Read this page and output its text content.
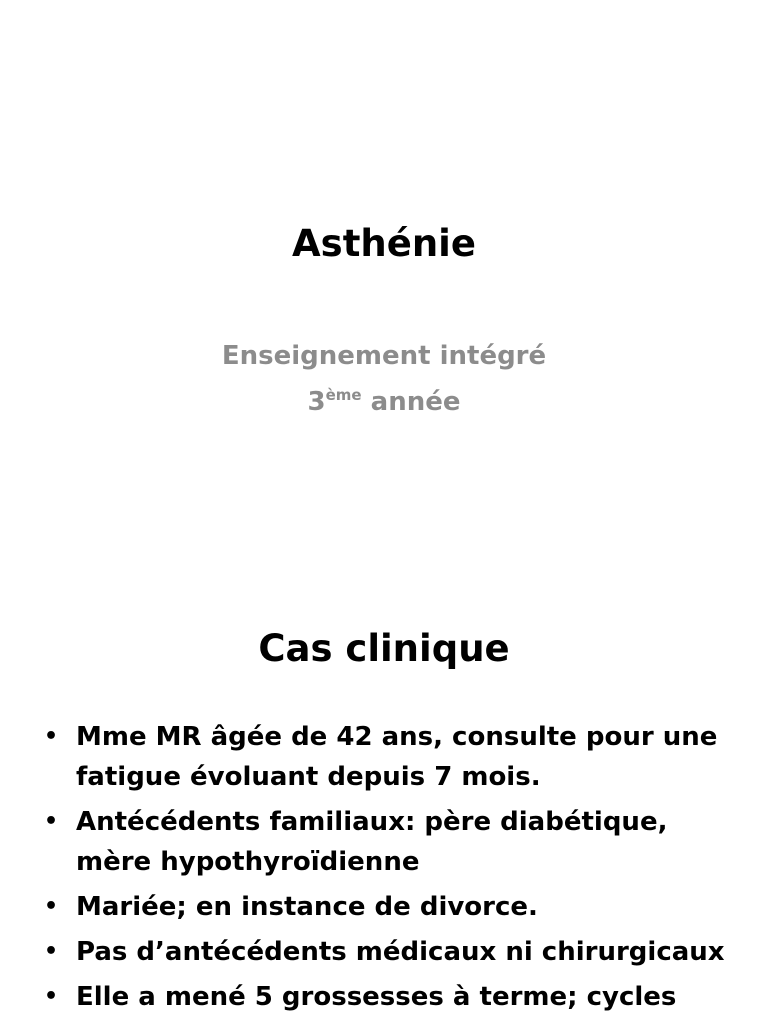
Asthénie
Enseignement intégré
3ème année
Cas clinique
• Mme MR âgée de 42 ans, consulte pour une fatigue évoluant depuis 7 mois.
• Antécédents familiaux: père diabétique, mère hypothyroïdienne
• Mariée; en instance de divorce.
• Pas d’antécédents médicaux ni chirurgicaux
• Elle a mené 5 grossesses à terme; cycles
